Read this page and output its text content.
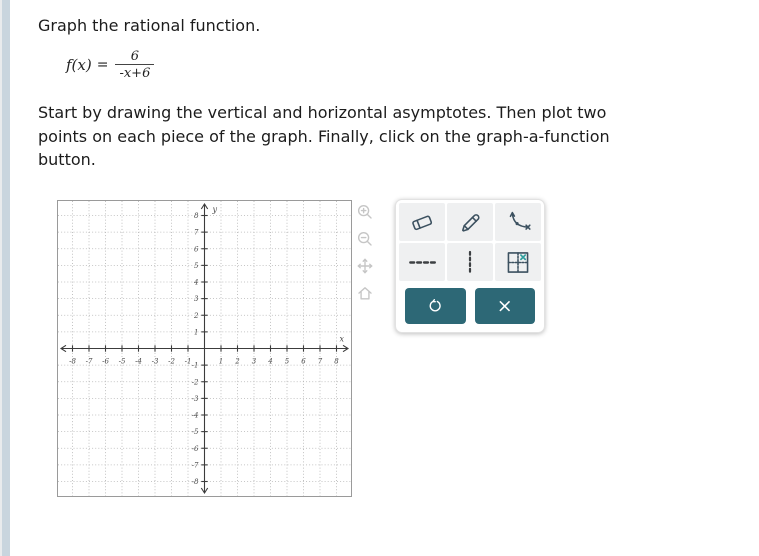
Graph the rational function.
$f(x) = \frac{6}{-x+6}$
Start by drawing the vertical and horizontal asymptotes. Then plot two
points on each piece of the graph. Finally, click on the graph-a-function
button.
-8 -7 -6 -5 -4 -3 -2 -1	1 2 3 4 5 6 7 8
8
7
6
5
4
3
2
1
-1
-2
-3
-4
-5
-6
-7
-8
x
y
×
